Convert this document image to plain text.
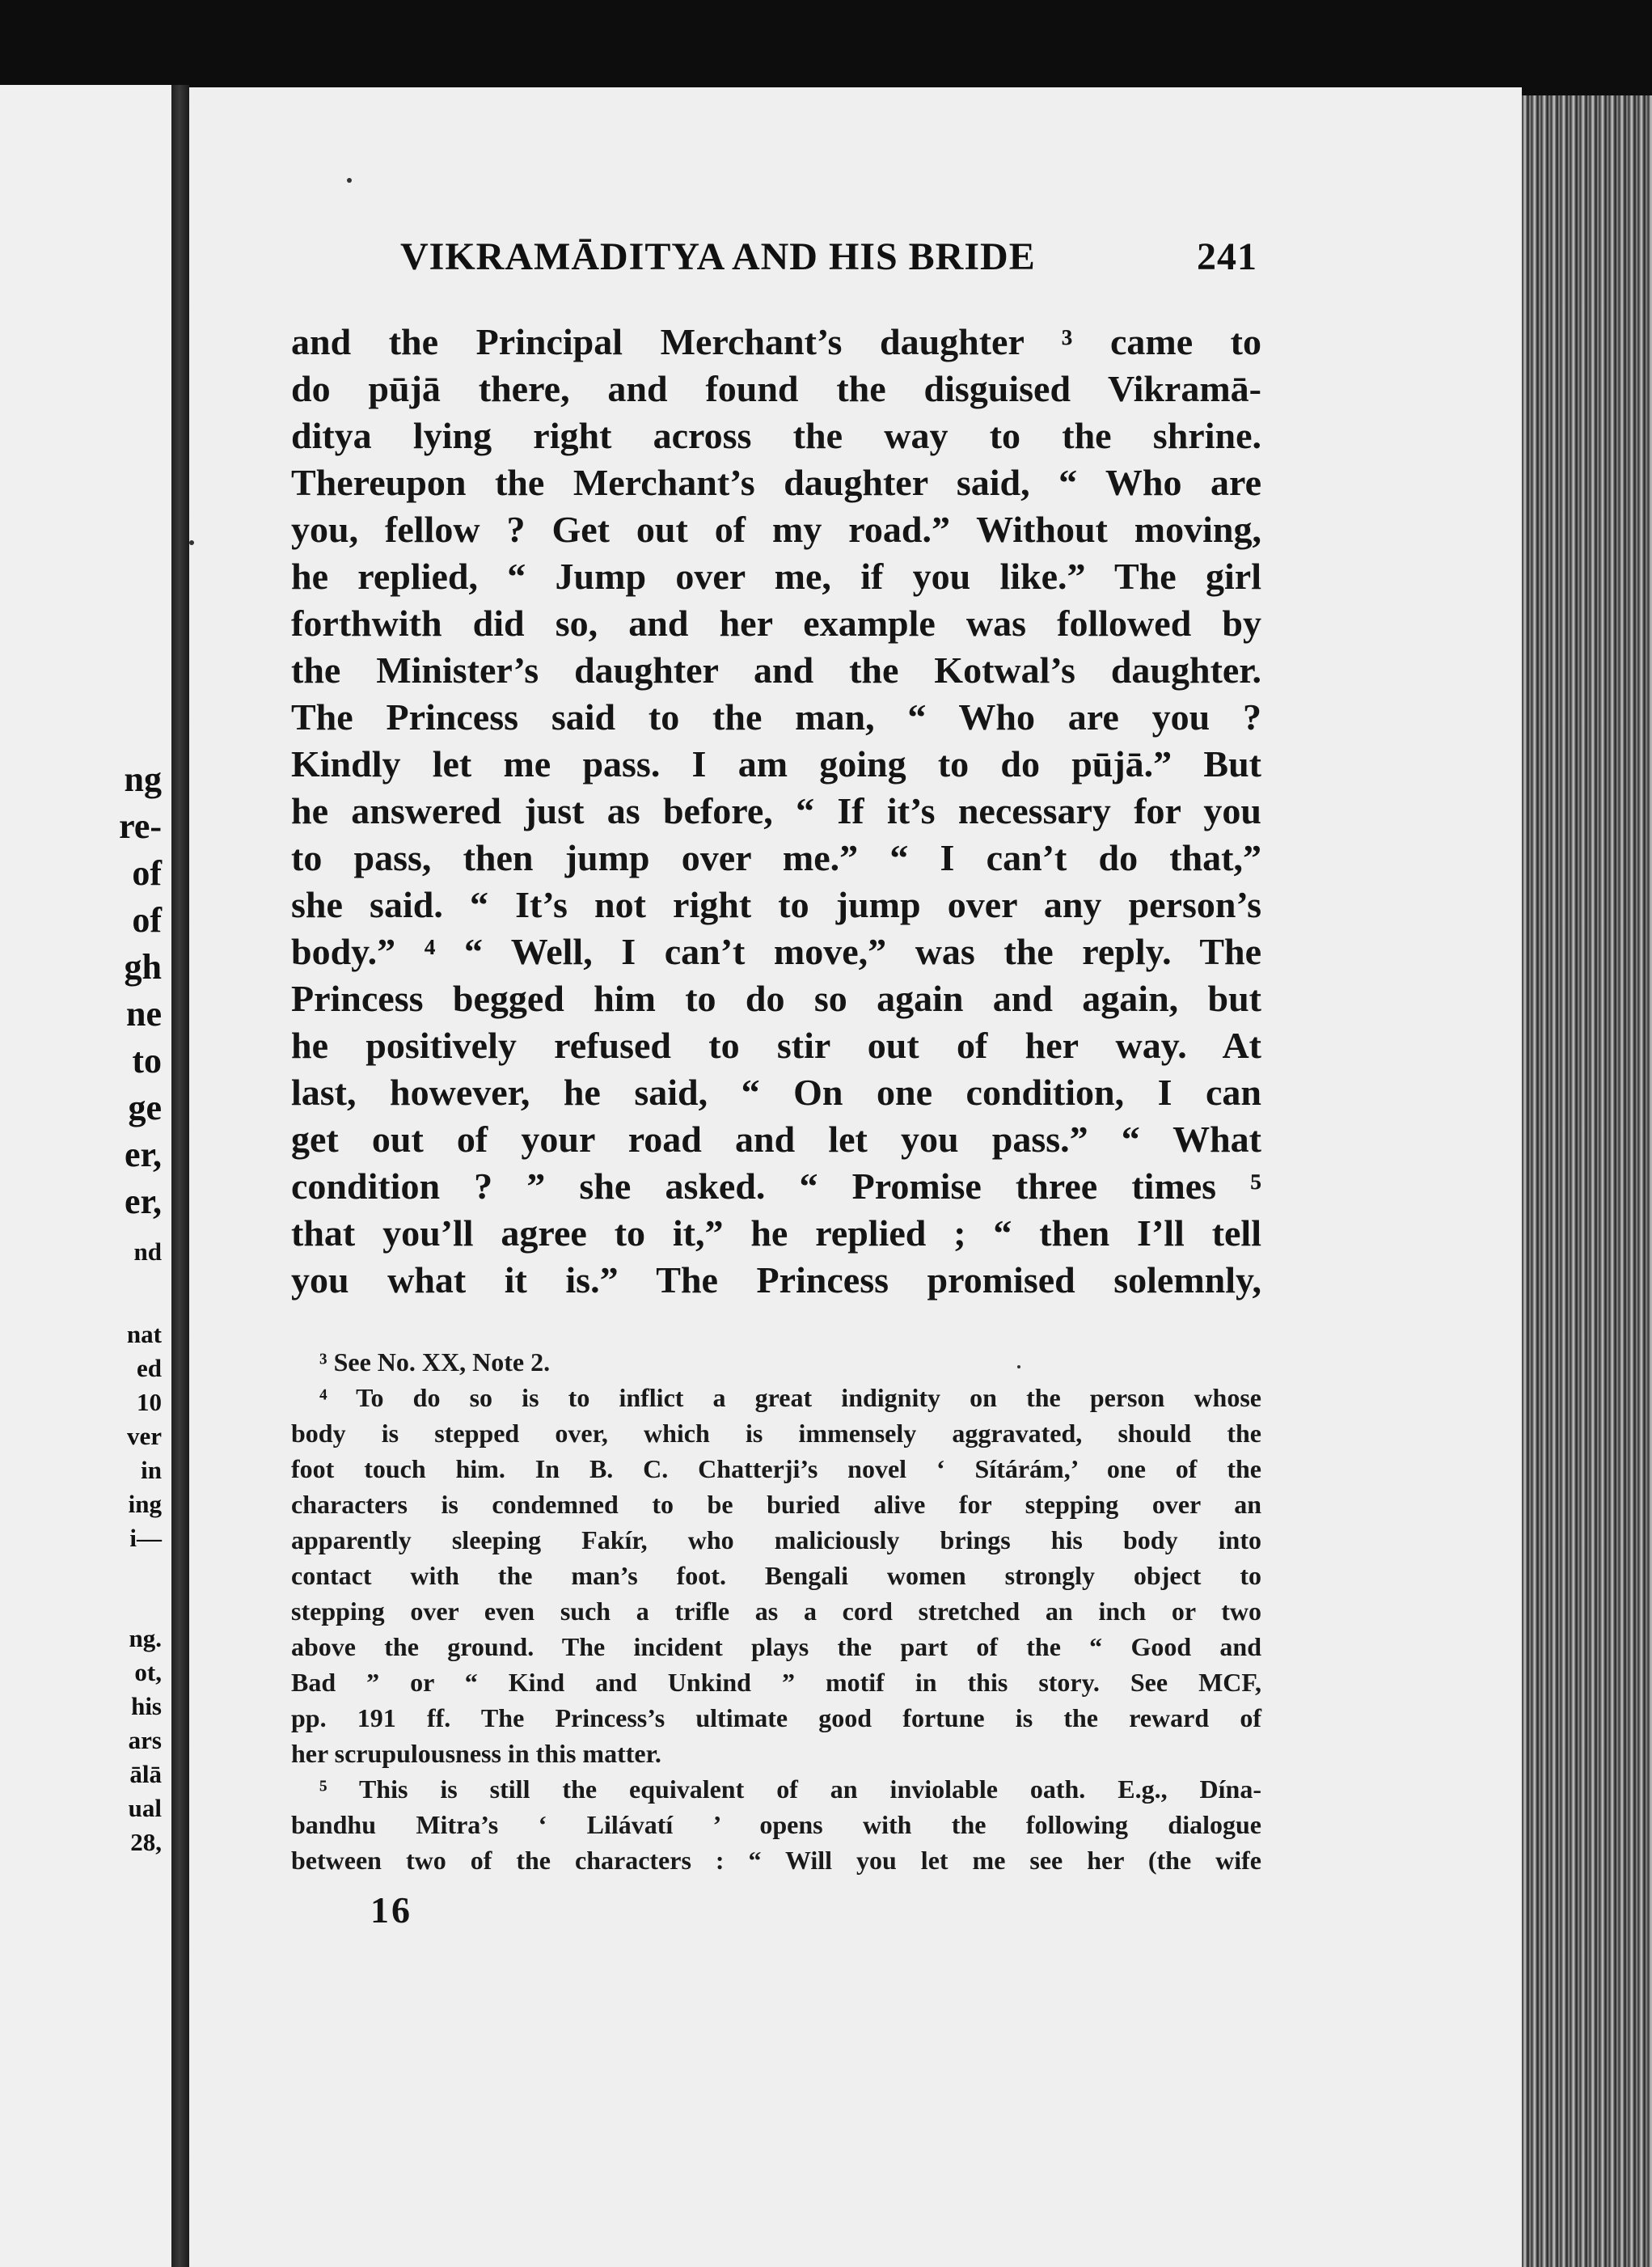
ng

re-

of

of

gh

ne

to

ge

er,

er,

nd

nat

ed

10

ver

in

ing

i—

ng.

ot,

his

ars

ālā

ual

28,

VIKRAMĀDITYA AND HIS BRIDE	241

and the Principal Merchant’s daughter ³ came to

do pūjā there, and found the disguised Vikramā-

ditya lying right across the way to the shrine.

Thereupon the Merchant’s daughter said, “ Who are

you, fellow ? Get out of my road.” Without moving,

he replied, “ Jump over me, if you like.” The girl

forthwith did so, and her example was followed by

the Minister’s daughter and the Kotwal’s daughter.

The Princess said to the man, “ Who are you ?

Kindly let me pass. I am going to do pūjā.” But

he answered just as before, “ If it’s necessary for you

to pass, then jump over me.” “ I can’t do that,”

she said. “ It’s not right to jump over any person’s

body.” ⁴ “ Well, I can’t move,” was the reply. The

Princess begged him to do so again and again, but

he positively refused to stir out of her way. At

last, however, he said, “ On one condition, I can

get out of your road and let you pass.” “ What

condition ? ” she asked. “ Promise three times ⁵

that you’ll agree to it,” he replied ; “ then I’ll tell

you what it is.” The Princess promised solemnly,

³ See No. XX, Note 2.

⁴ To do so is to inflict a great indignity on the person whose

body is stepped over, which is immensely aggravated, should the

foot touch him. In B. C. Chatterji’s novel ‘ Sítárám,’ one of the

characters is condemned to be buried alive for stepping over an

apparently sleeping Fakír, who maliciously brings his body into

contact with the man’s foot. Bengali women strongly object to

stepping over even such a trifle as a cord stretched an inch or two

above the ground. The incident plays the part of the “ Good and

Bad ” or “ Kind and Unkind ” motif in this story. See MCF,

pp. 191 ff. The Princess’s ultimate good fortune is the reward of

her scrupulousness in this matter.

⁵ This is still the equivalent of an inviolable oath. E.g., Dína-

bandhu Mitra’s ‘ Lilávatí ’ opens with the following dialogue

between two of the characters : “ Will you let me see her (the wife

16
